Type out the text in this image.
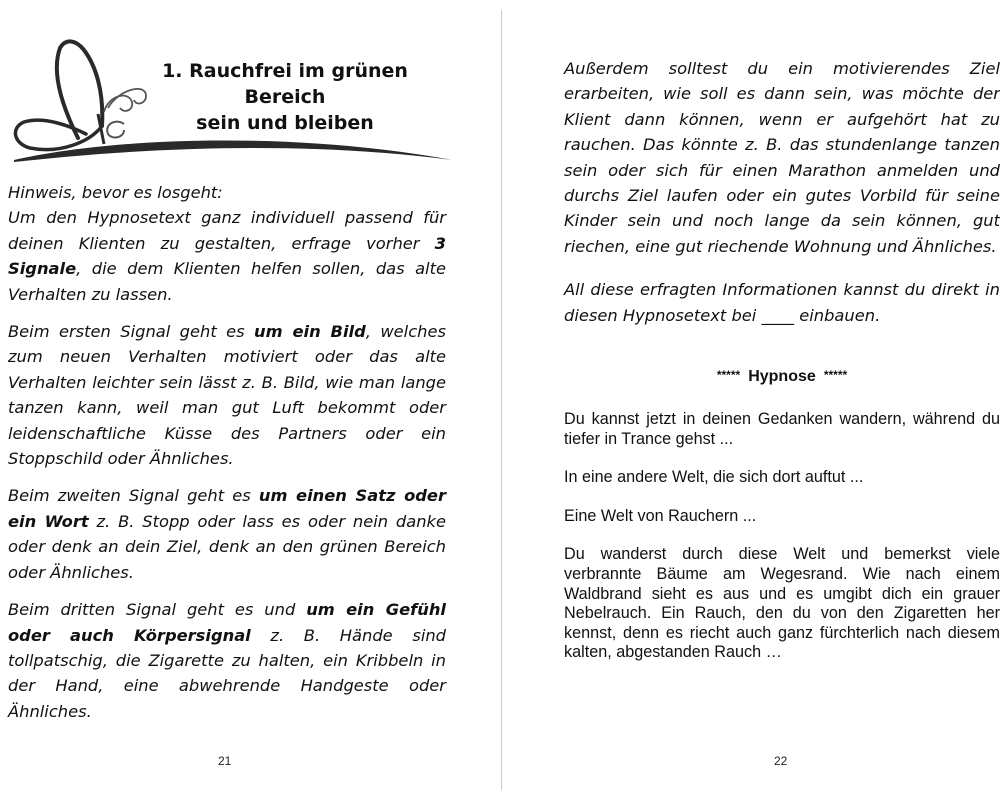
1. Rauchfrei im grünen Bereich
sein und bleiben

Hinweis, bevor es losgeht:
Um den Hypnosetext ganz individuell passend für deinen Klienten zu gestalten, erfrage vorher 3 Signale, die dem Klienten helfen sollen, das alte Verhalten zu lassen.

Beim ersten Signal geht es um ein Bild, welches zum neuen Verhalten motiviert oder das alte Verhalten leichter sein lässt z. B. Bild, wie man lange tanzen kann, weil man gut Luft bekommt oder leidenschaftliche Küsse des Partners oder ein Stoppschild oder Ähnliches.

Beim zweiten Signal geht es um einen Satz oder ein Wort z. B. Stopp oder lass es oder nein danke oder denk an dein Ziel, denk an den grünen Bereich oder Ähnliches.

Beim dritten Signal geht es und um ein Gefühl oder auch Körpersignal z. B. Hände sind tollpatschig, die Zigarette zu halten, ein Kribbeln in der Hand, eine abwehrende Handgeste oder Ähnliches.

21

Außerdem solltest du ein motivierendes Ziel erarbeiten, wie soll es dann sein, was möchte der Klient dann können, wenn er aufgehört hat zu rauchen. Das könnte z. B. das stundenlange tanzen sein oder sich für einen Marathon anmelden und durchs Ziel laufen oder ein gutes Vorbild für seine Kinder sein und noch lange da sein können, gut riechen, eine gut riechende Wohnung und Ähnliches.

All diese erfragten Informationen kannst du direkt in diesen Hypnosetext bei ____ einbauen.

***** Hypnose *****

Du kannst jetzt in deinen Gedanken wandern, während du tiefer in Trance gehst ...

In eine andere Welt, die sich dort auftut ...

Eine Welt von Rauchern ...

Du wanderst durch diese Welt und bemerkst viele verbrannte Bäume am Wegesrand. Wie nach einem Waldbrand sieht es aus und es umgibt dich ein grauer Nebelrauch. Ein Rauch, den du von den Zigaretten her kennst, denn es riecht auch ganz fürchterlich nach diesem kalten, abgestanden Rauch …

22
